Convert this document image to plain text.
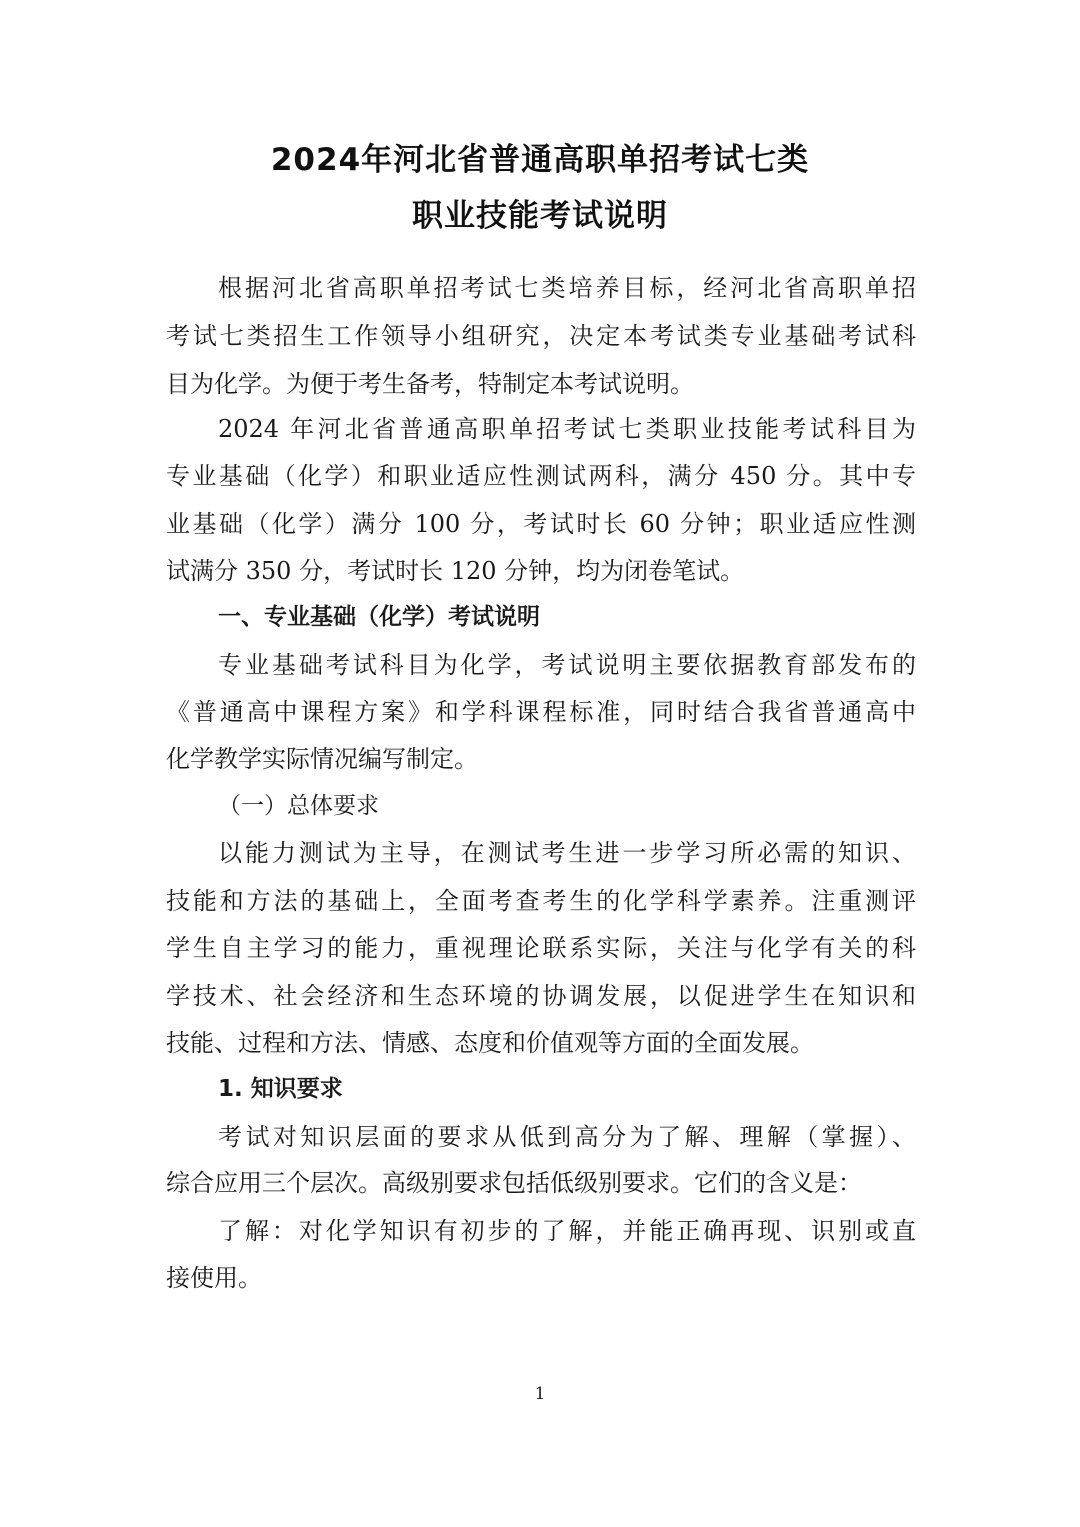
2024年河北省普通高职单招考试七类
职业技能考试说明
根据河北省高职单招考试七类培养目标，经河北省高职单招
考试七类招生工作领导小组研究，决定本考试类专业基础考试科
目为化学。为便于考生备考，特制定本考试说明。
2024 年河北省普通高职单招考试七类职业技能考试科目为
专业基础（化学）和职业适应性测试两科，满分 450 分。其中专
业基础（化学）满分 100 分，考试时长 60 分钟；职业适应性测
试满分 350 分，考试时长 120 分钟，均为闭卷笔试。
一、专业基础（化学）考试说明
专业基础考试科目为化学，考试说明主要依据教育部发布的
《普通高中课程方案》和学科课程标准，同时结合我省普通高中
化学教学实际情况编写制定。
（一）总体要求
以能力测试为主导，在测试考生进一步学习所必需的知识、
技能和方法的基础上，全面考查考生的化学科学素养。注重测评
学生自主学习的能力，重视理论联系实际，关注与化学有关的科
学技术、社会经济和生态环境的协调发展，以促进学生在知识和
技能、过程和方法、情感、态度和价值观等方面的全面发展。
1. 知识要求
考试对知识层面的要求从低到高分为了解、理解（掌握）、
综合应用三个层次。高级别要求包括低级别要求。它们的含义是：
了解：对化学知识有初步的了解，并能正确再现、识别或直
接使用。
1
